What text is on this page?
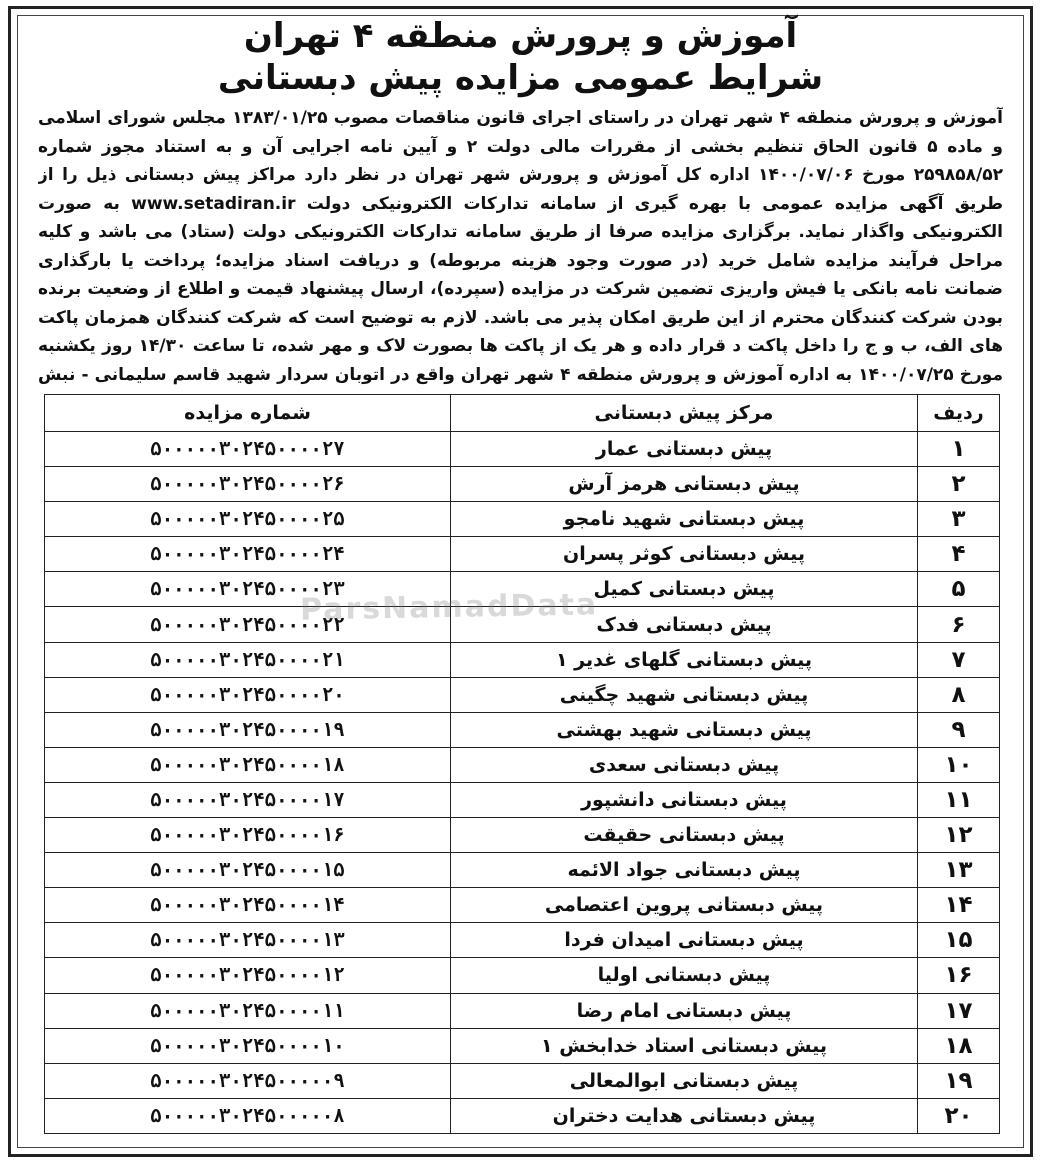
آموزش و پرورش منطقه ۴ تهران
شرایط عمومی مزایده پیش دبستانی
آموزش و پرورش منطقه ۴ شهر تهران در راستای اجرای قانون مناقصات مصوب ۱۳۸۳/۰۱/۲۵ مجلس شورای اسلامی و ماده ۵ قانون الحاق تنظیم بخشی از مقررات مالی دولت ۲ و آیین نامه اجرایی آن و به استناد مجوز شماره ۲۵۹۸۵۸/۵۲ مورخ ۱۴۰۰/۰۷/۰۶ اداره کل آموزش و پرورش شهر تهران در نظر دارد مراکز پیش دبستانی ذیل را از طریق آگهی مزایده عمومی با بهره گیری از سامانه تدارکات الکترونیکی دولت www.setadiran.ir به صورت الکترونیکی واگذار نماید. برگزاری مزایده صرفا از طریق سامانه تدارکات الکترونیکی دولت (ستاد) می باشد و کلیه مراحل فرآیند مزایده شامل خرید (در صورت وجود هزینه مربوطه) و دریافت اسناد مزایده؛ پرداخت یا بارگذاری ضمانت نامه بانکی یا فیش واریزی تضمین شرکت در مزایده (سپرده)، ارسال پیشنهاد قیمت و اطلاع از وضعیت برنده بودن شرکت کنندگان محترم از این طریق امکان پذیر می باشد. لازم به توضیح است که شرکت کنندگان همزمان پاکت های الف، ب و ج را داخل پاکت د قرار داده و هر یک از پاکت ها بصورت لاک و مهر شده، تا ساعت ۱۴/۳۰ روز یکشنبه مورخ ۱۴۰۰/۰۷/۲۵ به اداره آموزش و پرورش منطقه ۴ شهر تهران واقع در اتوبان سردار شهید قاسم سلیمانی - نبش
ردیف	مرکز پیش دبستانی	شماره مزایده
۱	پیش دبستانی عمار	۵۰۰۰۰۰۳۰۲۴۵۰۰۰۰۲۷
۲	پیش دبستانی هرمز آرش	۵۰۰۰۰۰۳۰۲۴۵۰۰۰۰۲۶
۳	پیش دبستانی شهید نامجو	۵۰۰۰۰۰۳۰۲۴۵۰۰۰۰۲۵
۴	پیش دبستانی کوثر پسران	۵۰۰۰۰۰۳۰۲۴۵۰۰۰۰۲۴
۵	پیش دبستانی کمیل	۵۰۰۰۰۰۳۰۲۴۵۰۰۰۰۲۳
۶	پیش دبستانی فدک	۵۰۰۰۰۰۳۰۲۴۵۰۰۰۰۲۲
۷	پیش دبستانی گلهای غدیر ۱	۵۰۰۰۰۰۳۰۲۴۵۰۰۰۰۲۱
۸	پیش دبستانی شهید چگینی	۵۰۰۰۰۰۳۰۲۴۵۰۰۰۰۲۰
۹	پیش دبستانی شهید بهشتی	۵۰۰۰۰۰۳۰۲۴۵۰۰۰۰۱۹
۱۰	پیش دبستانی سعدی	۵۰۰۰۰۰۳۰۲۴۵۰۰۰۰۱۸
۱۱	پیش دبستانی دانشپور	۵۰۰۰۰۰۳۰۲۴۵۰۰۰۰۱۷
۱۲	پیش دبستانی حقیقت	۵۰۰۰۰۰۳۰۲۴۵۰۰۰۰۱۶
۱۳	پیش دبستانی جواد الائمه	۵۰۰۰۰۰۳۰۲۴۵۰۰۰۰۱۵
۱۴	پیش دبستانی پروین اعتصامی	۵۰۰۰۰۰۳۰۲۴۵۰۰۰۰۱۴
۱۵	پیش دبستانی امیدان فردا	۵۰۰۰۰۰۳۰۲۴۵۰۰۰۰۱۳
۱۶	پیش دبستانی اولیا	۵۰۰۰۰۰۳۰۲۴۵۰۰۰۰۱۲
۱۷	پیش دبستانی امام رضا	۵۰۰۰۰۰۳۰۲۴۵۰۰۰۰۱۱
۱۸	پیش دبستانی استاد خدابخش ۱	۵۰۰۰۰۰۳۰۲۴۵۰۰۰۰۱۰
۱۹	پیش دبستانی ابوالمعالی	۵۰۰۰۰۰۳۰۲۴۵۰۰۰۰۰۹
۲۰	پیش دبستانی هدایت دختران	۵۰۰۰۰۰۳۰۲۴۵۰۰۰۰۰۸
ParsNamadData
